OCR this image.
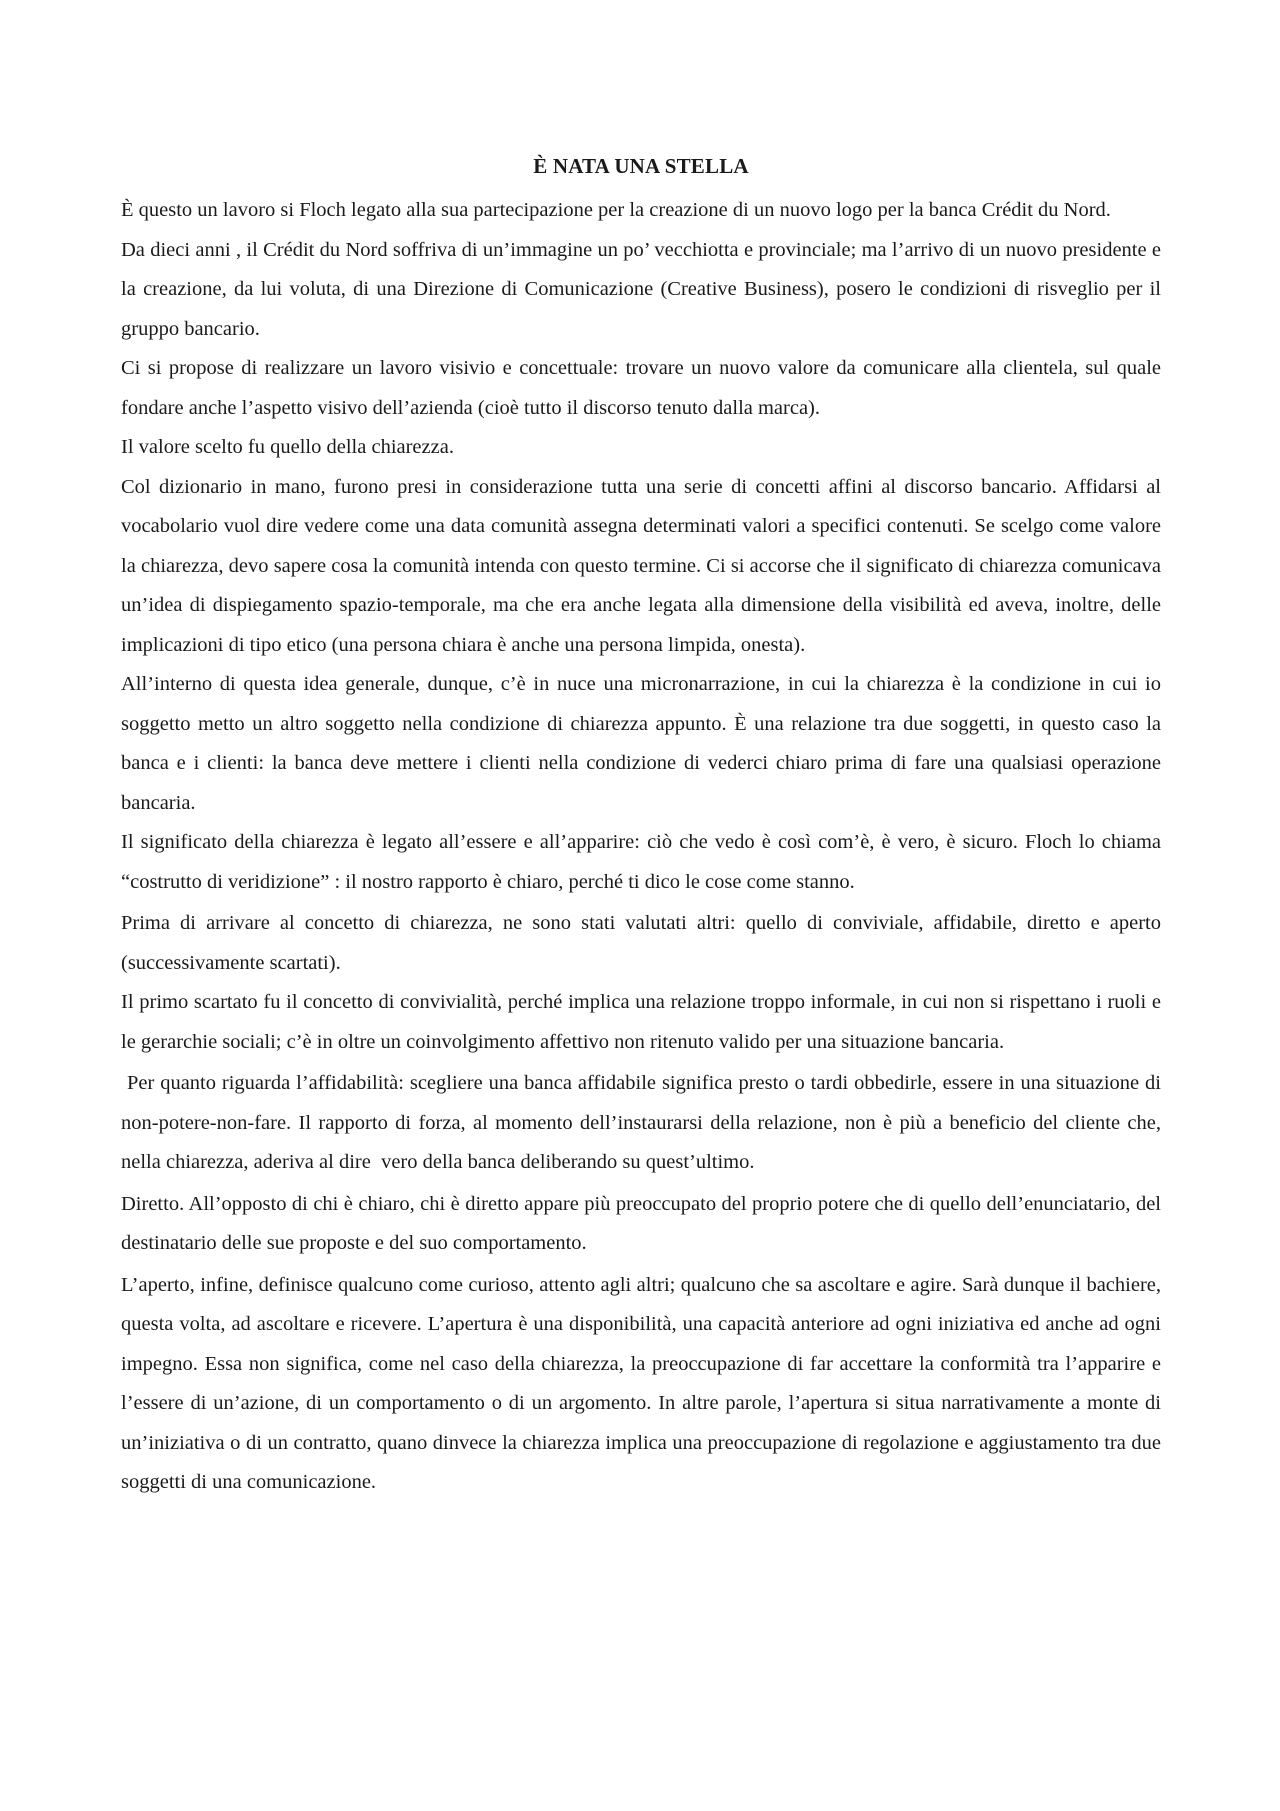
È NATA UNA STELLA

È questo un lavoro si Floch legato alla sua partecipazione per la creazione di un nuovo logo per la banca Crédit du Nord.

Da dieci anni , il Crédit du Nord soffriva di un’immagine un po’ vecchiotta e provinciale; ma l’arrivo di un nuovo presidente e la creazione, da lui voluta, di una Direzione di Comunicazione (Creative Business), posero le condizioni di risveglio per il gruppo bancario.

Ci si propose di realizzare un lavoro visivio e concettuale: trovare un nuovo valore da comunicare alla clientela, sul quale fondare anche l’aspetto visivo dell’azienda (cioè tutto il discorso tenuto dalla marca).

Il valore scelto fu quello della chiarezza.

Col dizionario in mano, furono presi in considerazione tutta una serie di concetti affini al discorso bancario. Affidarsi al vocabolario vuol dire vedere come una data comunità assegna determinati valori a specifici contenuti. Se scelgo come valore la chiarezza, devo sapere cosa la comunità intenda con questo termine. Ci si accorse che il significato di chiarezza comunicava un’idea di dispiegamento spazio-temporale, ma che era anche legata alla dimensione della visibilità ed aveva, inoltre, delle implicazioni di tipo etico (una persona chiara è anche una persona limpida, onesta).

All’interno di questa idea generale, dunque, c’è in nuce una micronarrazione, in cui la chiarezza è la condizione in cui io soggetto metto un altro soggetto nella condizione di chiarezza appunto. È una relazione tra due soggetti, in questo caso la banca e i clienti: la banca deve mettere i clienti nella condizione di vederci chiaro prima di fare una qualsiasi operazione bancaria.

Il significato della chiarezza è legato all’essere e all’apparire: ciò che vedo è così com’è, è vero, è sicuro. Floch lo chiama “costrutto di veridizione” : il nostro rapporto è chiaro, perché ti dico le cose come stanno.

Prima di arrivare al concetto di chiarezza, ne sono stati valutati altri: quello di conviviale, affidabile, diretto e aperto (successivamente scartati).

Il primo scartato fu il concetto di convivialità, perché implica una relazione troppo informale, in cui non si rispettano i ruoli e le gerarchie sociali; c’è in oltre un coinvolgimento affettivo non ritenuto valido per una situazione bancaria.

Per quanto riguarda l’affidabilità: scegliere una banca affidabile significa presto o tardi obbedirle, essere in una situazione di non-potere-non-fare. Il rapporto di forza, al momento dell’instaurarsi della relazione, non è più a beneficio del cliente che, nella chiarezza, aderiva al dire  vero della banca deliberando su quest’ultimo.

Diretto. All’opposto di chi è chiaro, chi è diretto appare più preoccupato del proprio potere che di quello dell’enunciatario, del destinatario delle sue proposte e del suo comportamento.

L’aperto, infine, definisce qualcuno come curioso, attento agli altri; qualcuno che sa ascoltare e agire. Sarà dunque il bachiere, questa volta, ad ascoltare e ricevere. L’apertura è una disponibilità, una capacità anteriore ad ogni iniziativa ed anche ad ogni impegno. Essa non significa, come nel caso della chiarezza, la preoccupazione di far accettare la conformità tra l’apparire e l’essere di un’azione, di un comportamento o di un argomento. In altre parole, l’apertura si situa narrativamente a monte di un’iniziativa o di un contratto, quano dinvece la chiarezza implica una preoccupazione di regolazione e aggiustamento tra due soggetti di una comunicazione.
